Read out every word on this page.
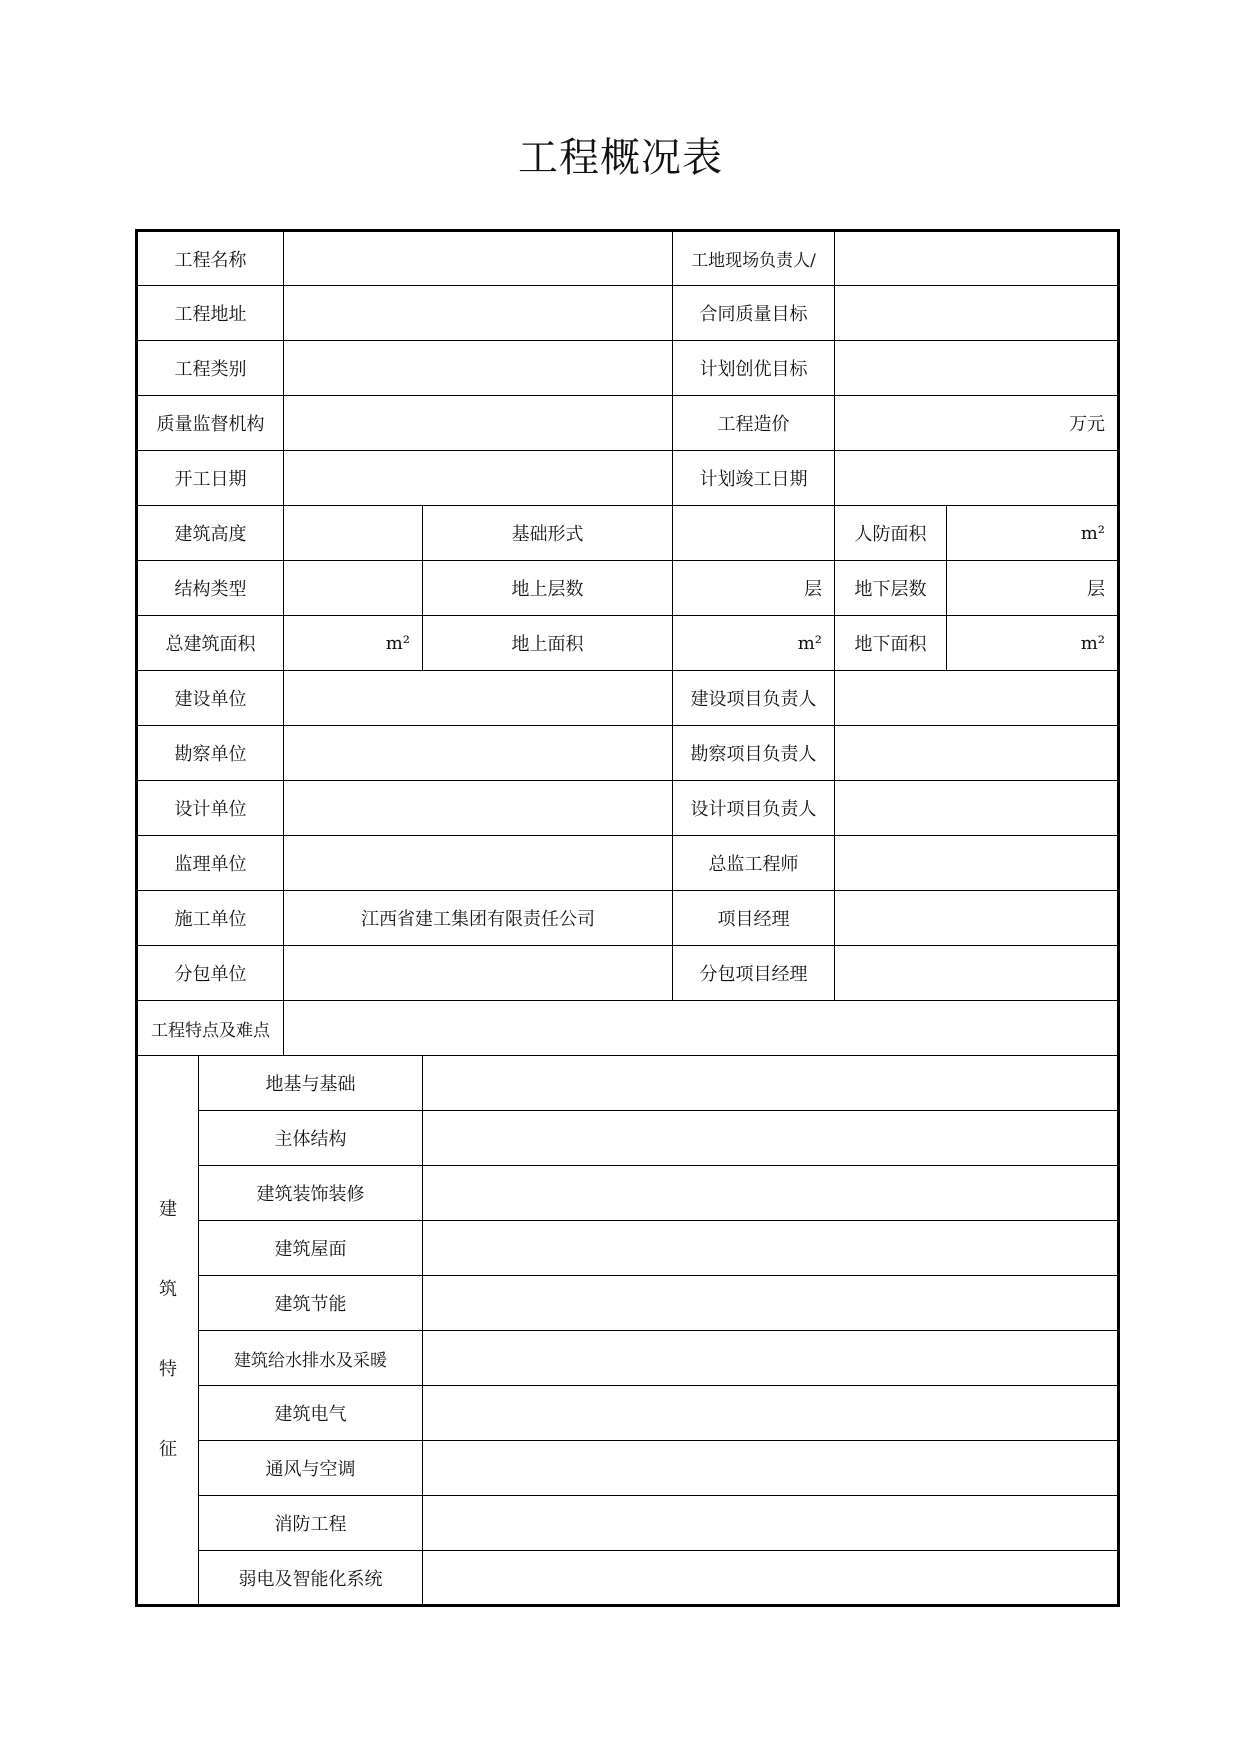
工程概况表
工程名称				工地现场负责人/		
工程地址				合同质量目标		
工程类别				计划创优目标		
质量监督机构				工程造价	万元	
开工日期				计划竣工日期		
建筑高度			基础形式		人防面积	m²
结构类型			地上层数	层	地下层数	层
总建筑面积		m²	地上面积	m²	地下面积	m²
建设单位				建设项目负责人		
勘察单位				勘察项目负责人		
设计单位				设计项目负责人		
监理单位				总监工程师		
施工单位		江西省建工集团有限责任公司		项目经理		
分包单位				分包项目经理		
工程特点及难点						

建
筑
特
征	地基与基础					
	主体结构					
	建筑装饰装修					
	建筑屋面					
	建筑节能					
	建筑给水排水及采暖					
	建筑电气					
	通风与空调					
	消防工程					
	弱电及智能化系统					
